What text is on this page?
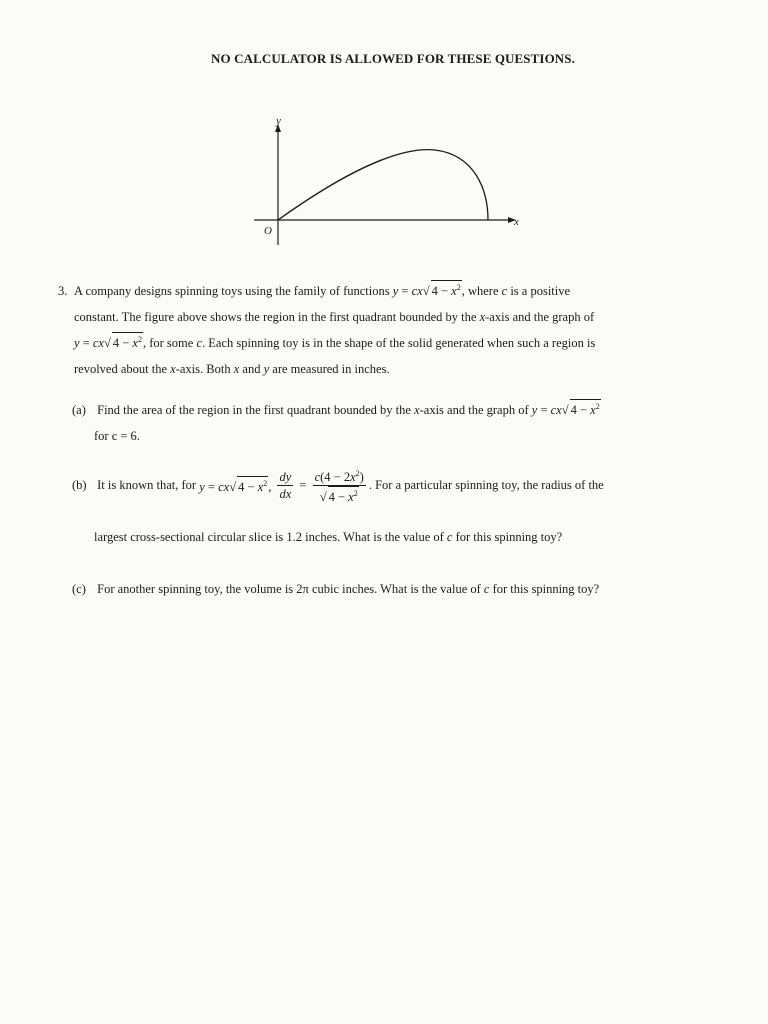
NO CALCULATOR IS ALLOWED FOR THESE QUESTIONS.
y
x
O
3. A company designs spinning toys using the family of functions y = cx√ $4 - x^2$, where c is a positive
constant. The figure above shows the region in the first quadrant bounded by the x-axis and the graph of
y = cx√ $4 - x^2$, for some c. Each spinning toy is in the shape of the solid generated when such a region is
revolved about the x-axis. Both x and y are measured in inches.
(a) Find the area of the region in the first quadrant bounded by the x-axis and the graph of y = cx√ $4 - x^2$
for c = 6.
(b) It is known that, for y = cx√ $4 - x^2$, $\frac{dy}{dx} = \frac{c(4 - 2x^2)}{√ 4 - x^2}$ . For a particular spinning toy, the radius of the
largest cross-sectional circular slice is 1.2 inches. What is the value of c for this spinning toy?
(c) For another spinning toy, the volume is 2π cubic inches. What is the value of c for this spinning toy?
